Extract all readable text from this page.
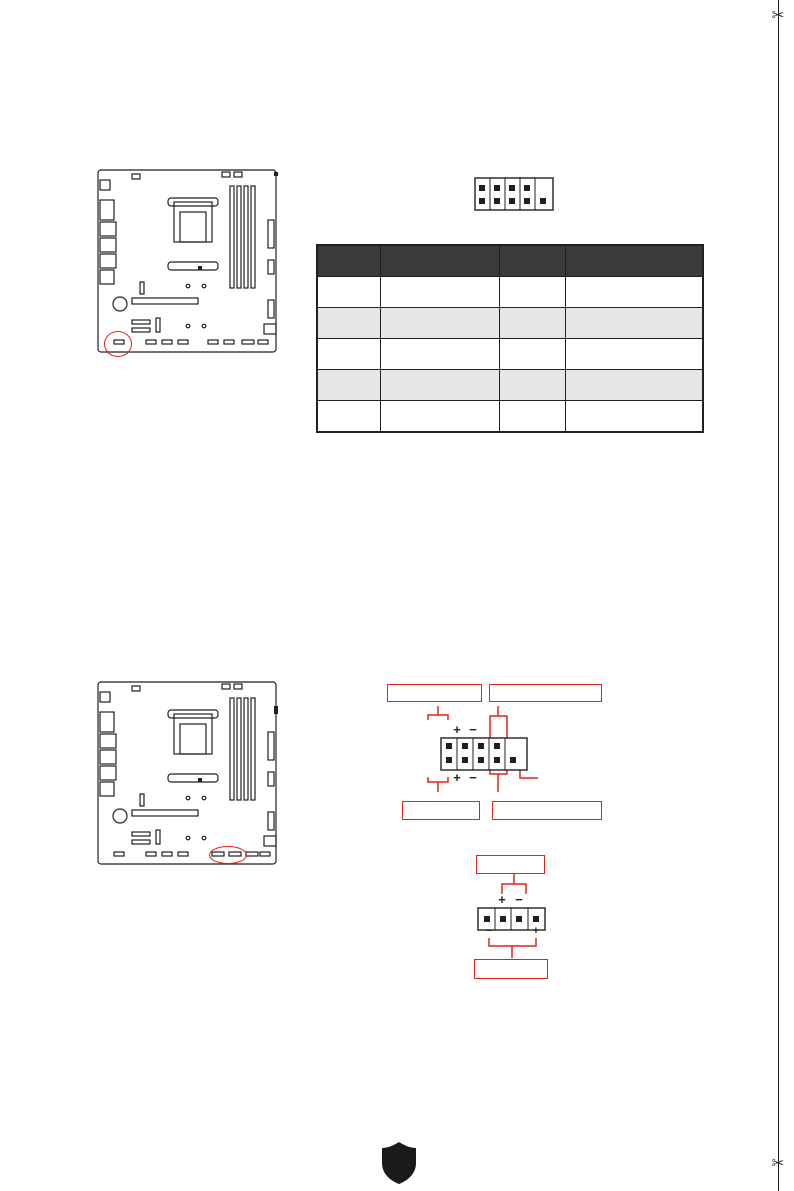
✂
✂

+ −
+ −
+ −
−	+
